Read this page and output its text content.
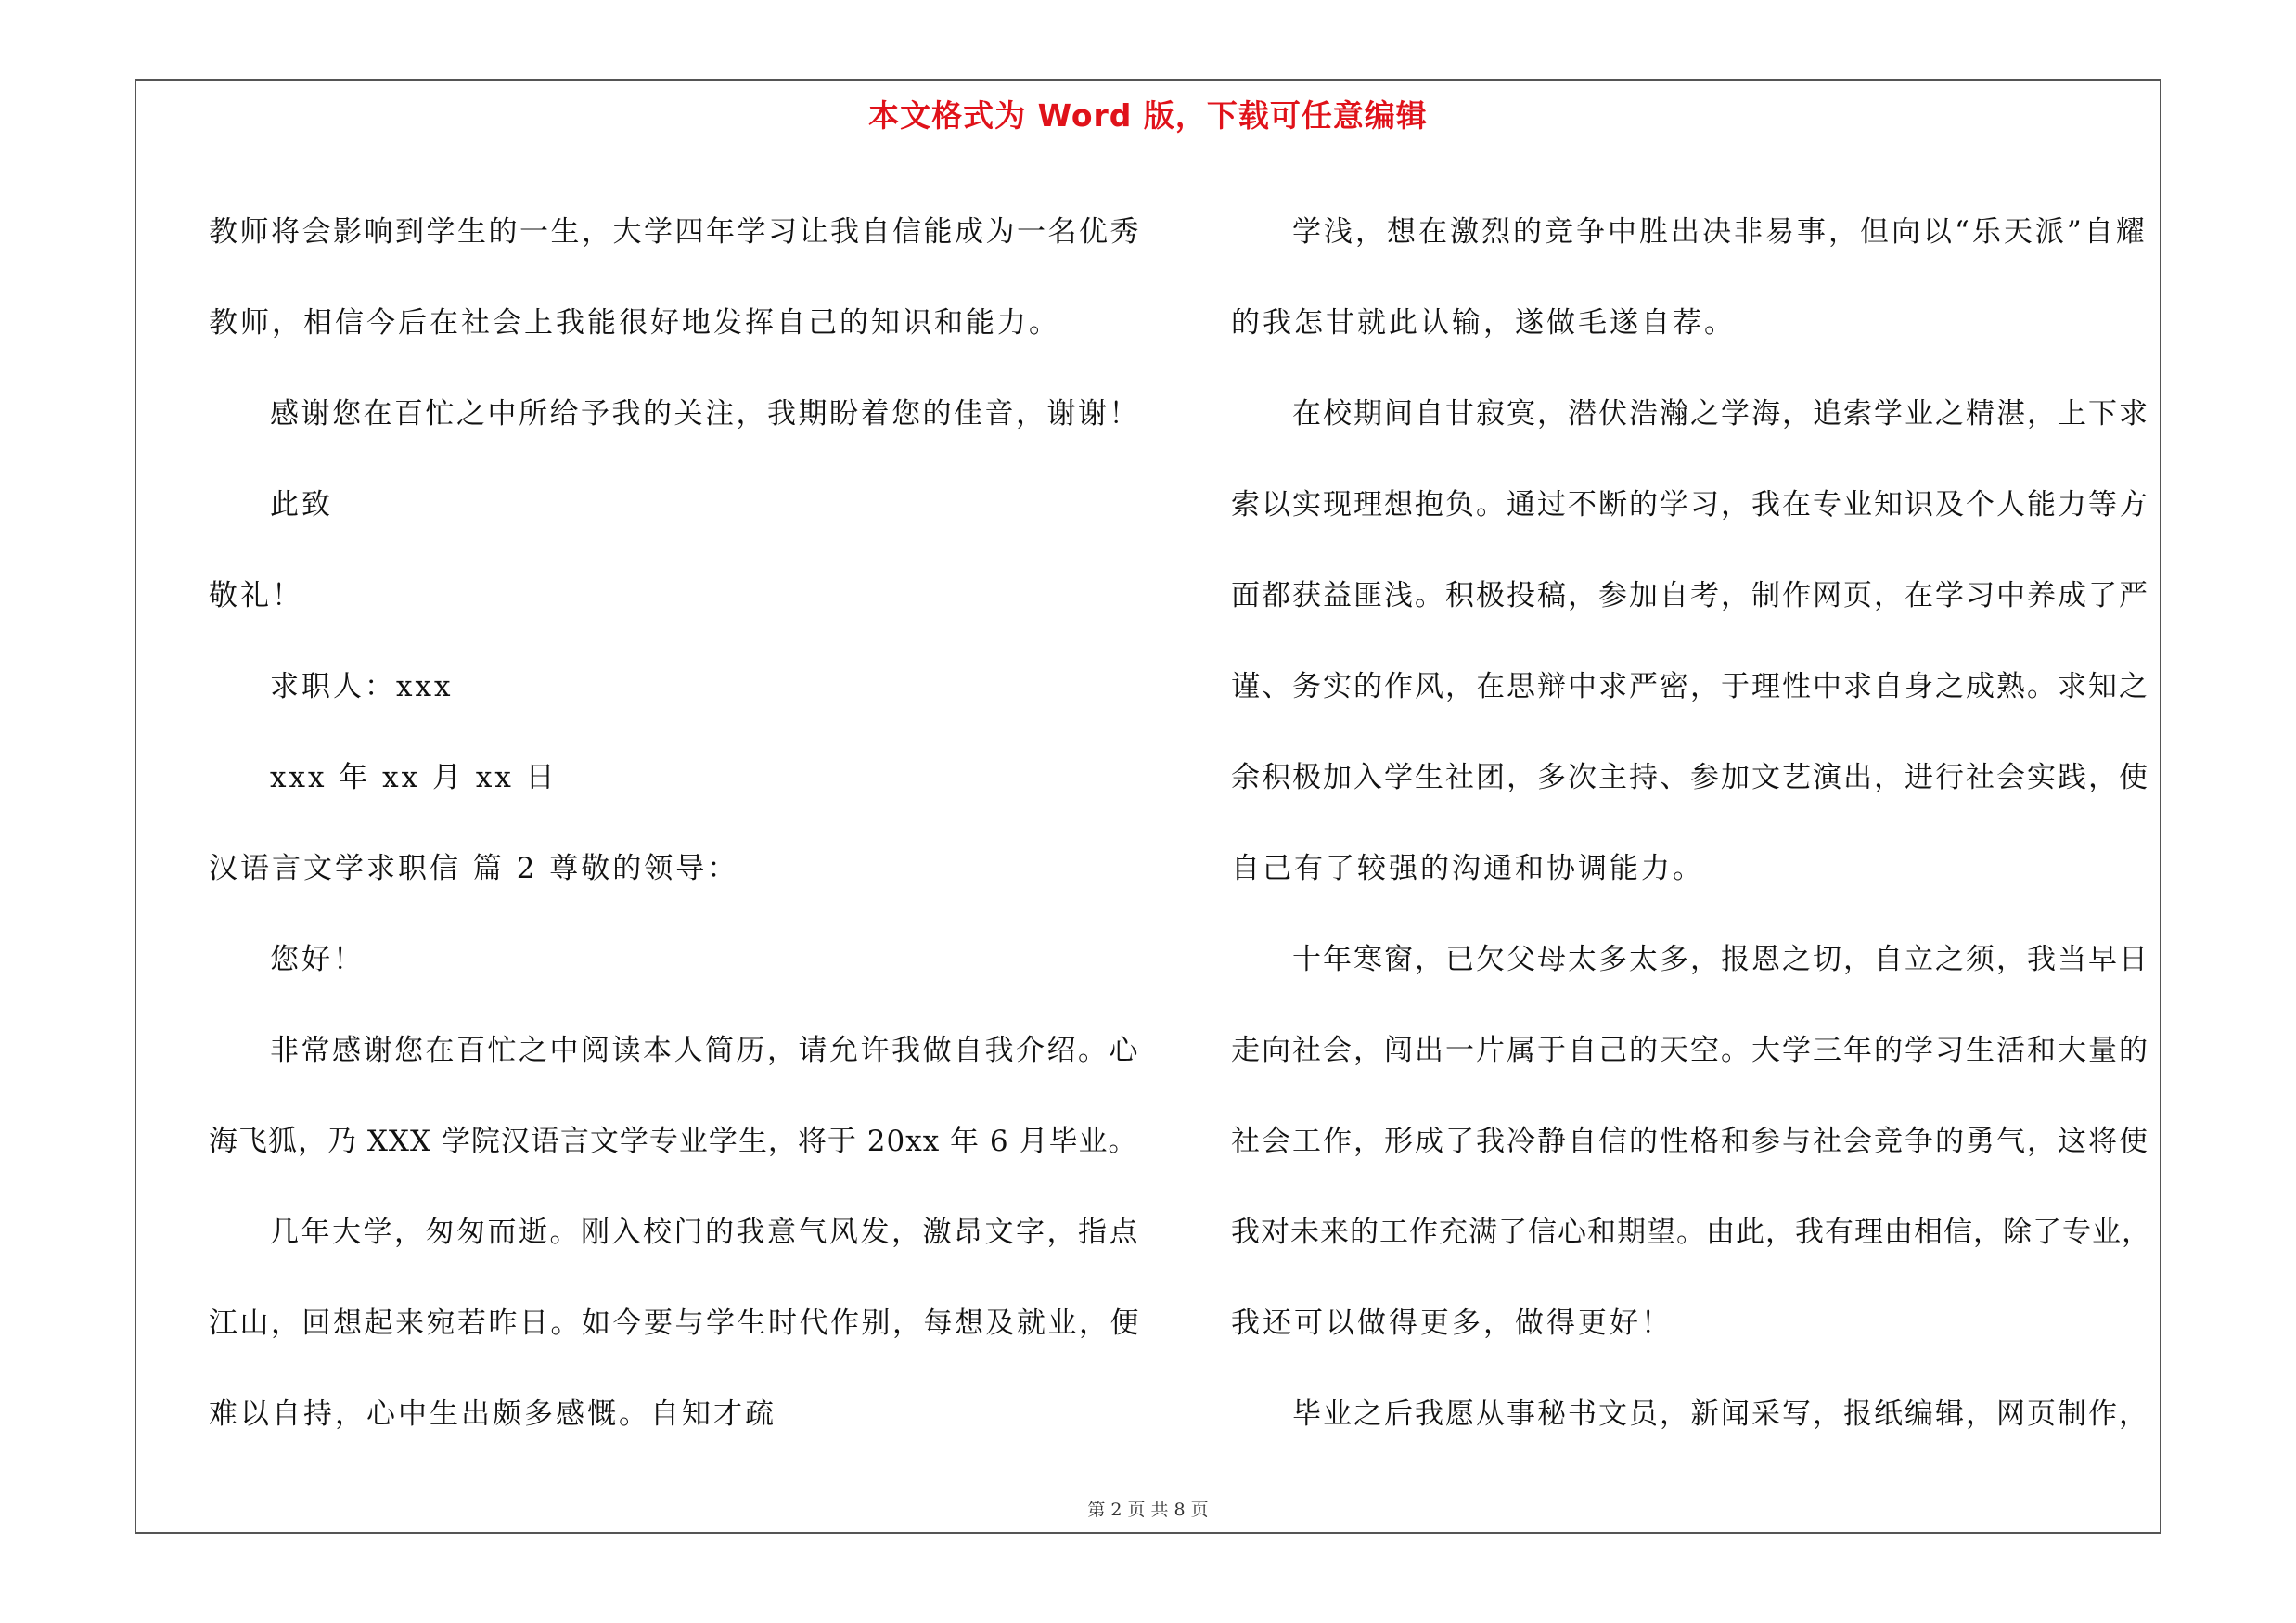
本文格式为 Word 版，下载可任意编辑
教师将会影响到学生的一生，大学四年学习让我自信能成为一名优秀
教师，相信今后在社会上我能很好地发挥自己的知识和能力。
感谢您在百忙之中所给予我的关注，我期盼着您的佳音，谢谢！
此致
敬礼！
求职人：xxx
xxx 年 xx 月 xx 日
汉语言文学求职信 篇 2 尊敬的领导：
您好！
非常感谢您在百忙之中阅读本人简历，请允许我做自我介绍。心
海飞狐，乃 XXX 学院汉语言文学专业学生，将于 20xx 年 6 月毕业。
几年大学，匆匆而逝。刚入校门的我意气风发，激昂文字，指点
江山，回想起来宛若昨日。如今要与学生时代作别，每想及就业，便
难以自持，心中生出颇多感慨。自知才疏
学浅，想在激烈的竞争中胜出决非易事，但向以“乐天派”自耀
的我怎甘就此认输，遂做毛遂自荐。
在校期间自甘寂寞，潜伏浩瀚之学海，追索学业之精湛，上下求
索以实现理想抱负。通过不断的学习，我在专业知识及个人能力等方
面都获益匪浅。积极投稿，参加自考，制作网页，在学习中养成了严
谨、务实的作风，在思辩中求严密，于理性中求自身之成熟。求知之
余积极加入学生社团，多次主持、参加文艺演出，进行社会实践，使
自己有了较强的沟通和协调能力。
十年寒窗，已欠父母太多太多，报恩之切，自立之须，我当早日
走向社会，闯出一片属于自己的天空。大学三年的学习生活和大量的
社会工作，形成了我冷静自信的性格和参与社会竞争的勇气，这将使
我对未来的工作充满了信心和期望。由此，我有理由相信，除了专业，
我还可以做得更多，做得更好！
毕业之后我愿从事秘书文员，新闻采写，报纸编辑，网页制作，
第 2 页 共 8 页
